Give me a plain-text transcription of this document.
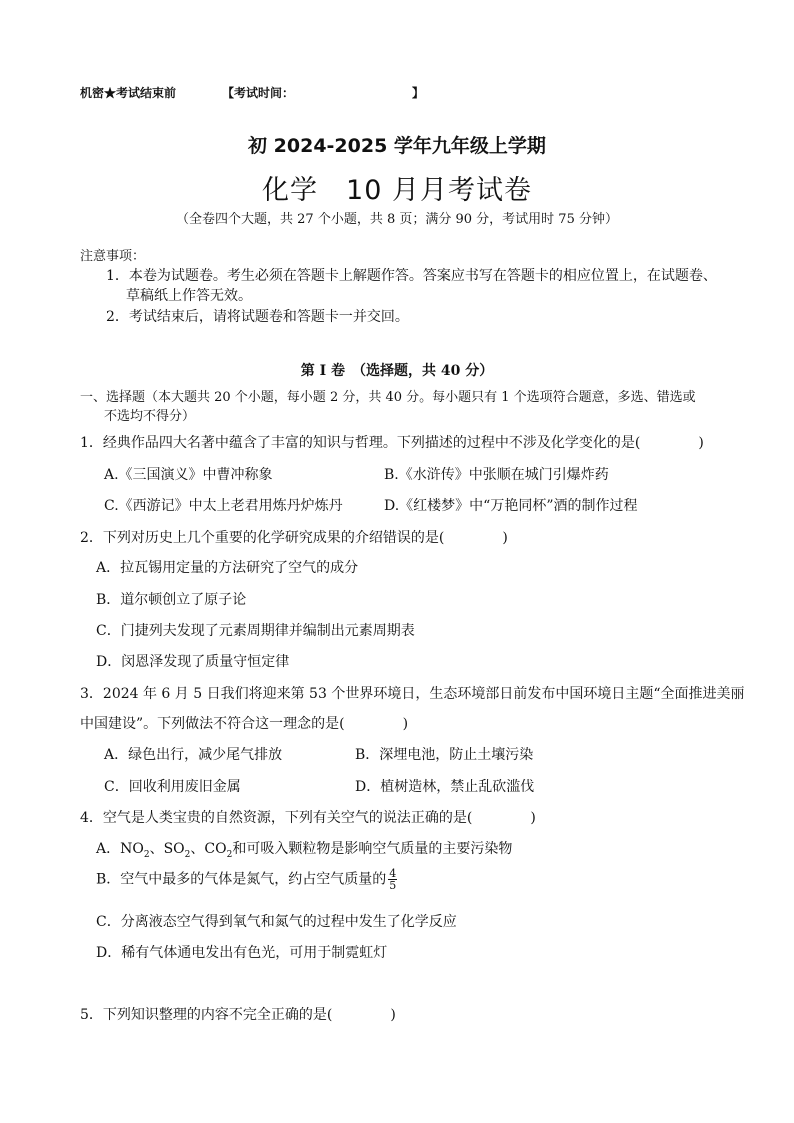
机密★考试结束前	【考试时间：	】
初 2024-2025 学年九年级上学期
化学　10 月月考试卷
（全卷四个大题，共 27 个小题，共 8 页；满分 90 分，考试用时 75 分钟）
注意事项：
1．本卷为试题卷。考生必须在答题卡上解题作答。答案应书写在答题卡的相应位置上，在试题卷、
草稿纸上作答无效。
2．考试结束后，请将试题卷和答题卡一并交回。
第 I 卷　（选择题，共 40 分）
一、选择题（本大题共 20 个小题，每小题 2 分，共 40 分。每小题只有 1 个选项符合题意，多选、错选或
不选均不得分）
1．经典作品四大名著中蕴含了丰富的知识与哲理。下列描述的过程中不涉及化学变化的是(	)
A.《三国演义》中曹冲称象	B.《水浒传》中张顺在城门引爆炸药
C.《西游记》中太上老君用炼丹炉炼丹	D.《红楼梦》中“万艳同杯”酒的制作过程
2．下列对历史上几个重要的化学研究成果的介绍错误的是(	)
A．拉瓦锡用定量的方法研究了空气的成分
B．道尔顿创立了原子论
C．门捷列夫发现了元素周期律并编制出元素周期表
D．闵恩泽发现了质量守恒定律
3．2024 年 6 月 5 日我们将迎来第 53 个世界环境日，生态环境部日前发布中国环境日主题“全面推进美丽
中国建设”。下列做法不符合这一理念的是(	)
A．绿色出行，减少尾气排放	B．深埋电池，防止土壤污染
C．回收利用废旧金属	D．植树造林，禁止乱砍滥伐
4．空气是人类宝贵的自然资源，下列有关空气的说法正确的是(	)
A．$NO_2$、$SO_2$、$CO_2$和可吸入颗粒物是影响空气质量的主要污染物
B．空气中最多的气体是氮气，约占空气质量的 $\frac{4}{5}$
C．分离液态空气得到氧气和氮气的过程中发生了化学反应
D．稀有气体通电发出有色光，可用于制霓虹灯
5．下列知识整理的内容不完全正确的是(	)
